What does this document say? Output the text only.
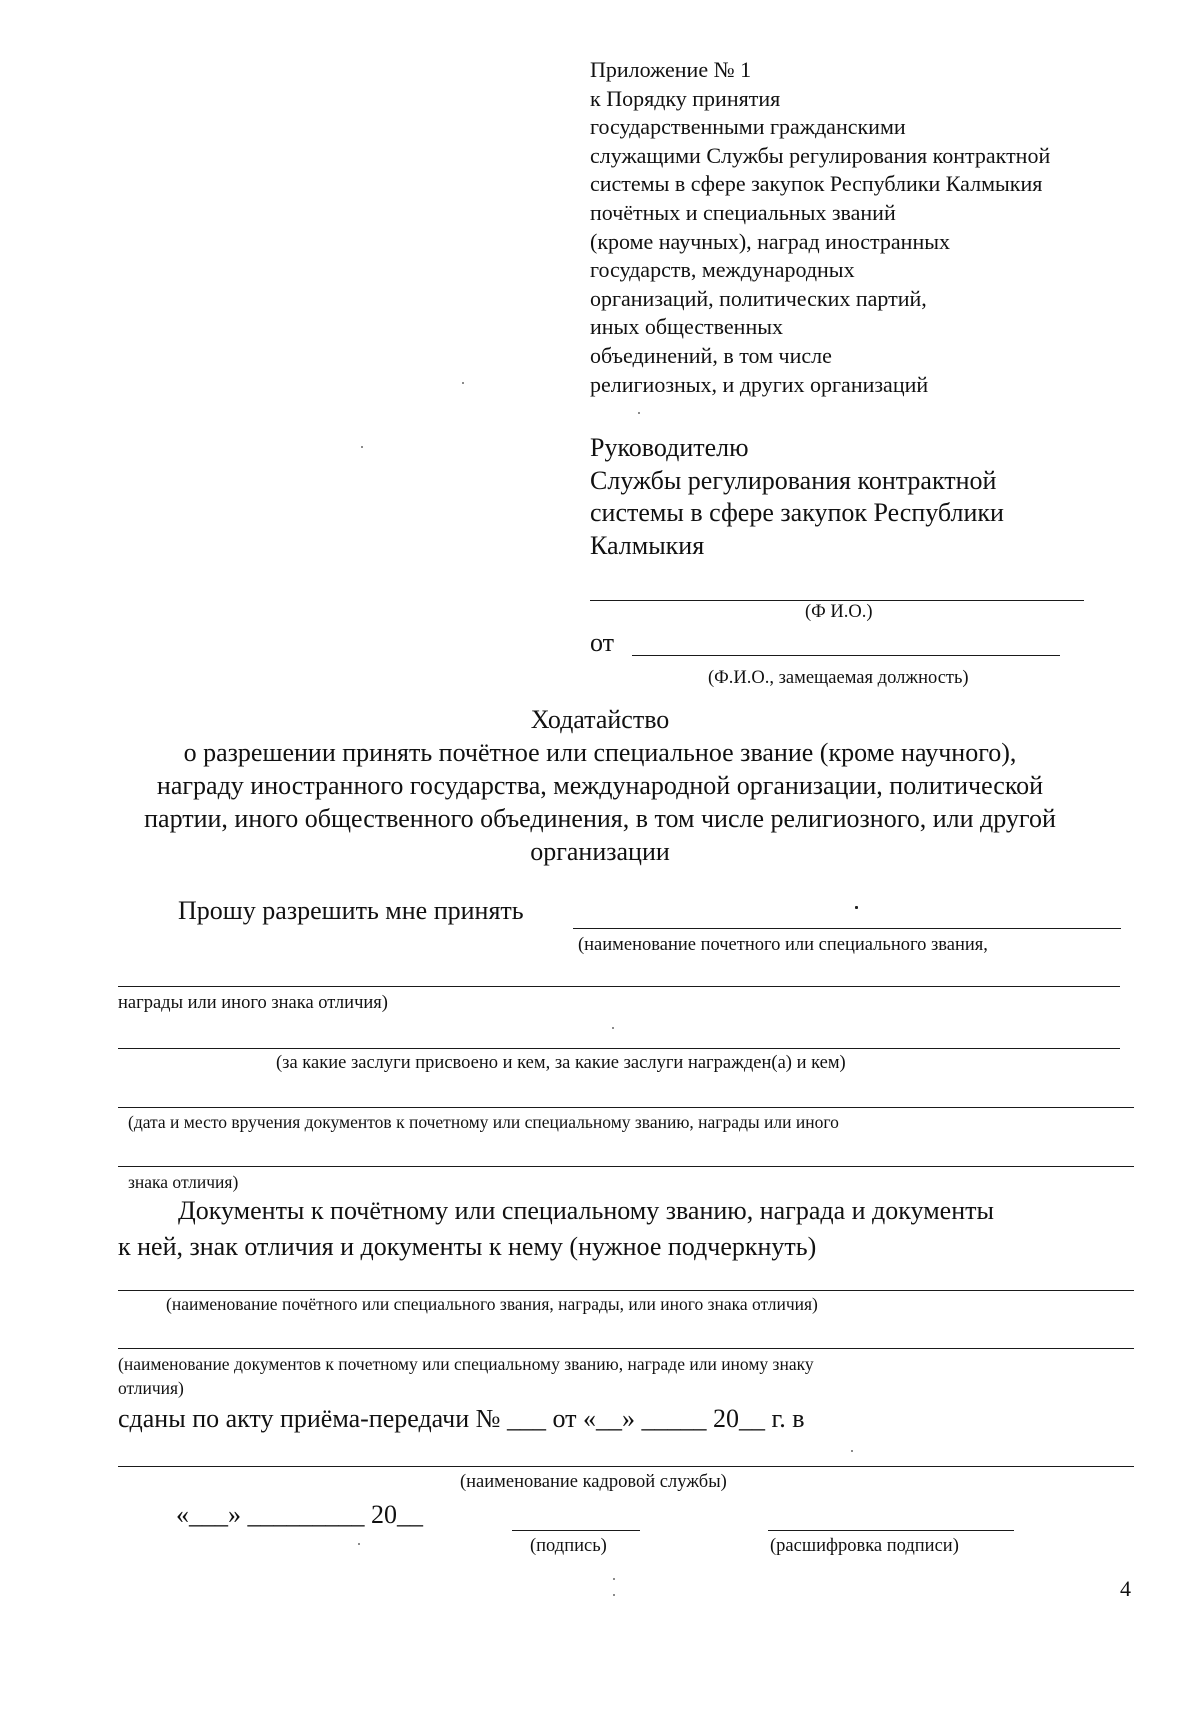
Приложение № 1
к Порядку принятия
государственными гражданскими
служащими Службы регулирования контрактной
системы в сфере закупок Республики Калмыкия
почётных и специальных званий
(кроме научных), наград иностранных
государств, международных
организаций, политических партий,
иных общественных
объединений, в том числе
религиозных, и других организаций
Руководителю
Службы регулирования контрактной
системы в сфере закупок Республики
Калмыкия
(Ф И.О.)
от
(Ф.И.О., замещаемая должность)
Ходатайство
о разрешении принять почётное или специальное звание (кроме научного),
награду иностранного государства, международной организации, политической
партии, иного общественного объединения, в том числе религиозного, или другой
организации
Прошу разрешить мне принять
(наименование почетного или специального звания,
награды или иного знака отличия)
(за какие заслуги присвоено и кем, за какие заслуги награжден(а) и кем)
(дата и место вручения документов к почетному или специальному званию, награды или иного
знака отличия)
Документы к почётному или специальному званию, награда и документы
к ней, знак отличия и документы к нему (нужное подчеркнуть)
(наименование почётного или специального звания, награды, или иного знака отличия)
(наименование документов к почетному или специальному званию, награде или иному знаку
отличия)
сданы по акту приёма-передачи № ___ от «__» _____ 20__ г. в
(наименование кадровой службы)
«___» _________ 20__
(подпись)	(расшифровка подписи)
4
